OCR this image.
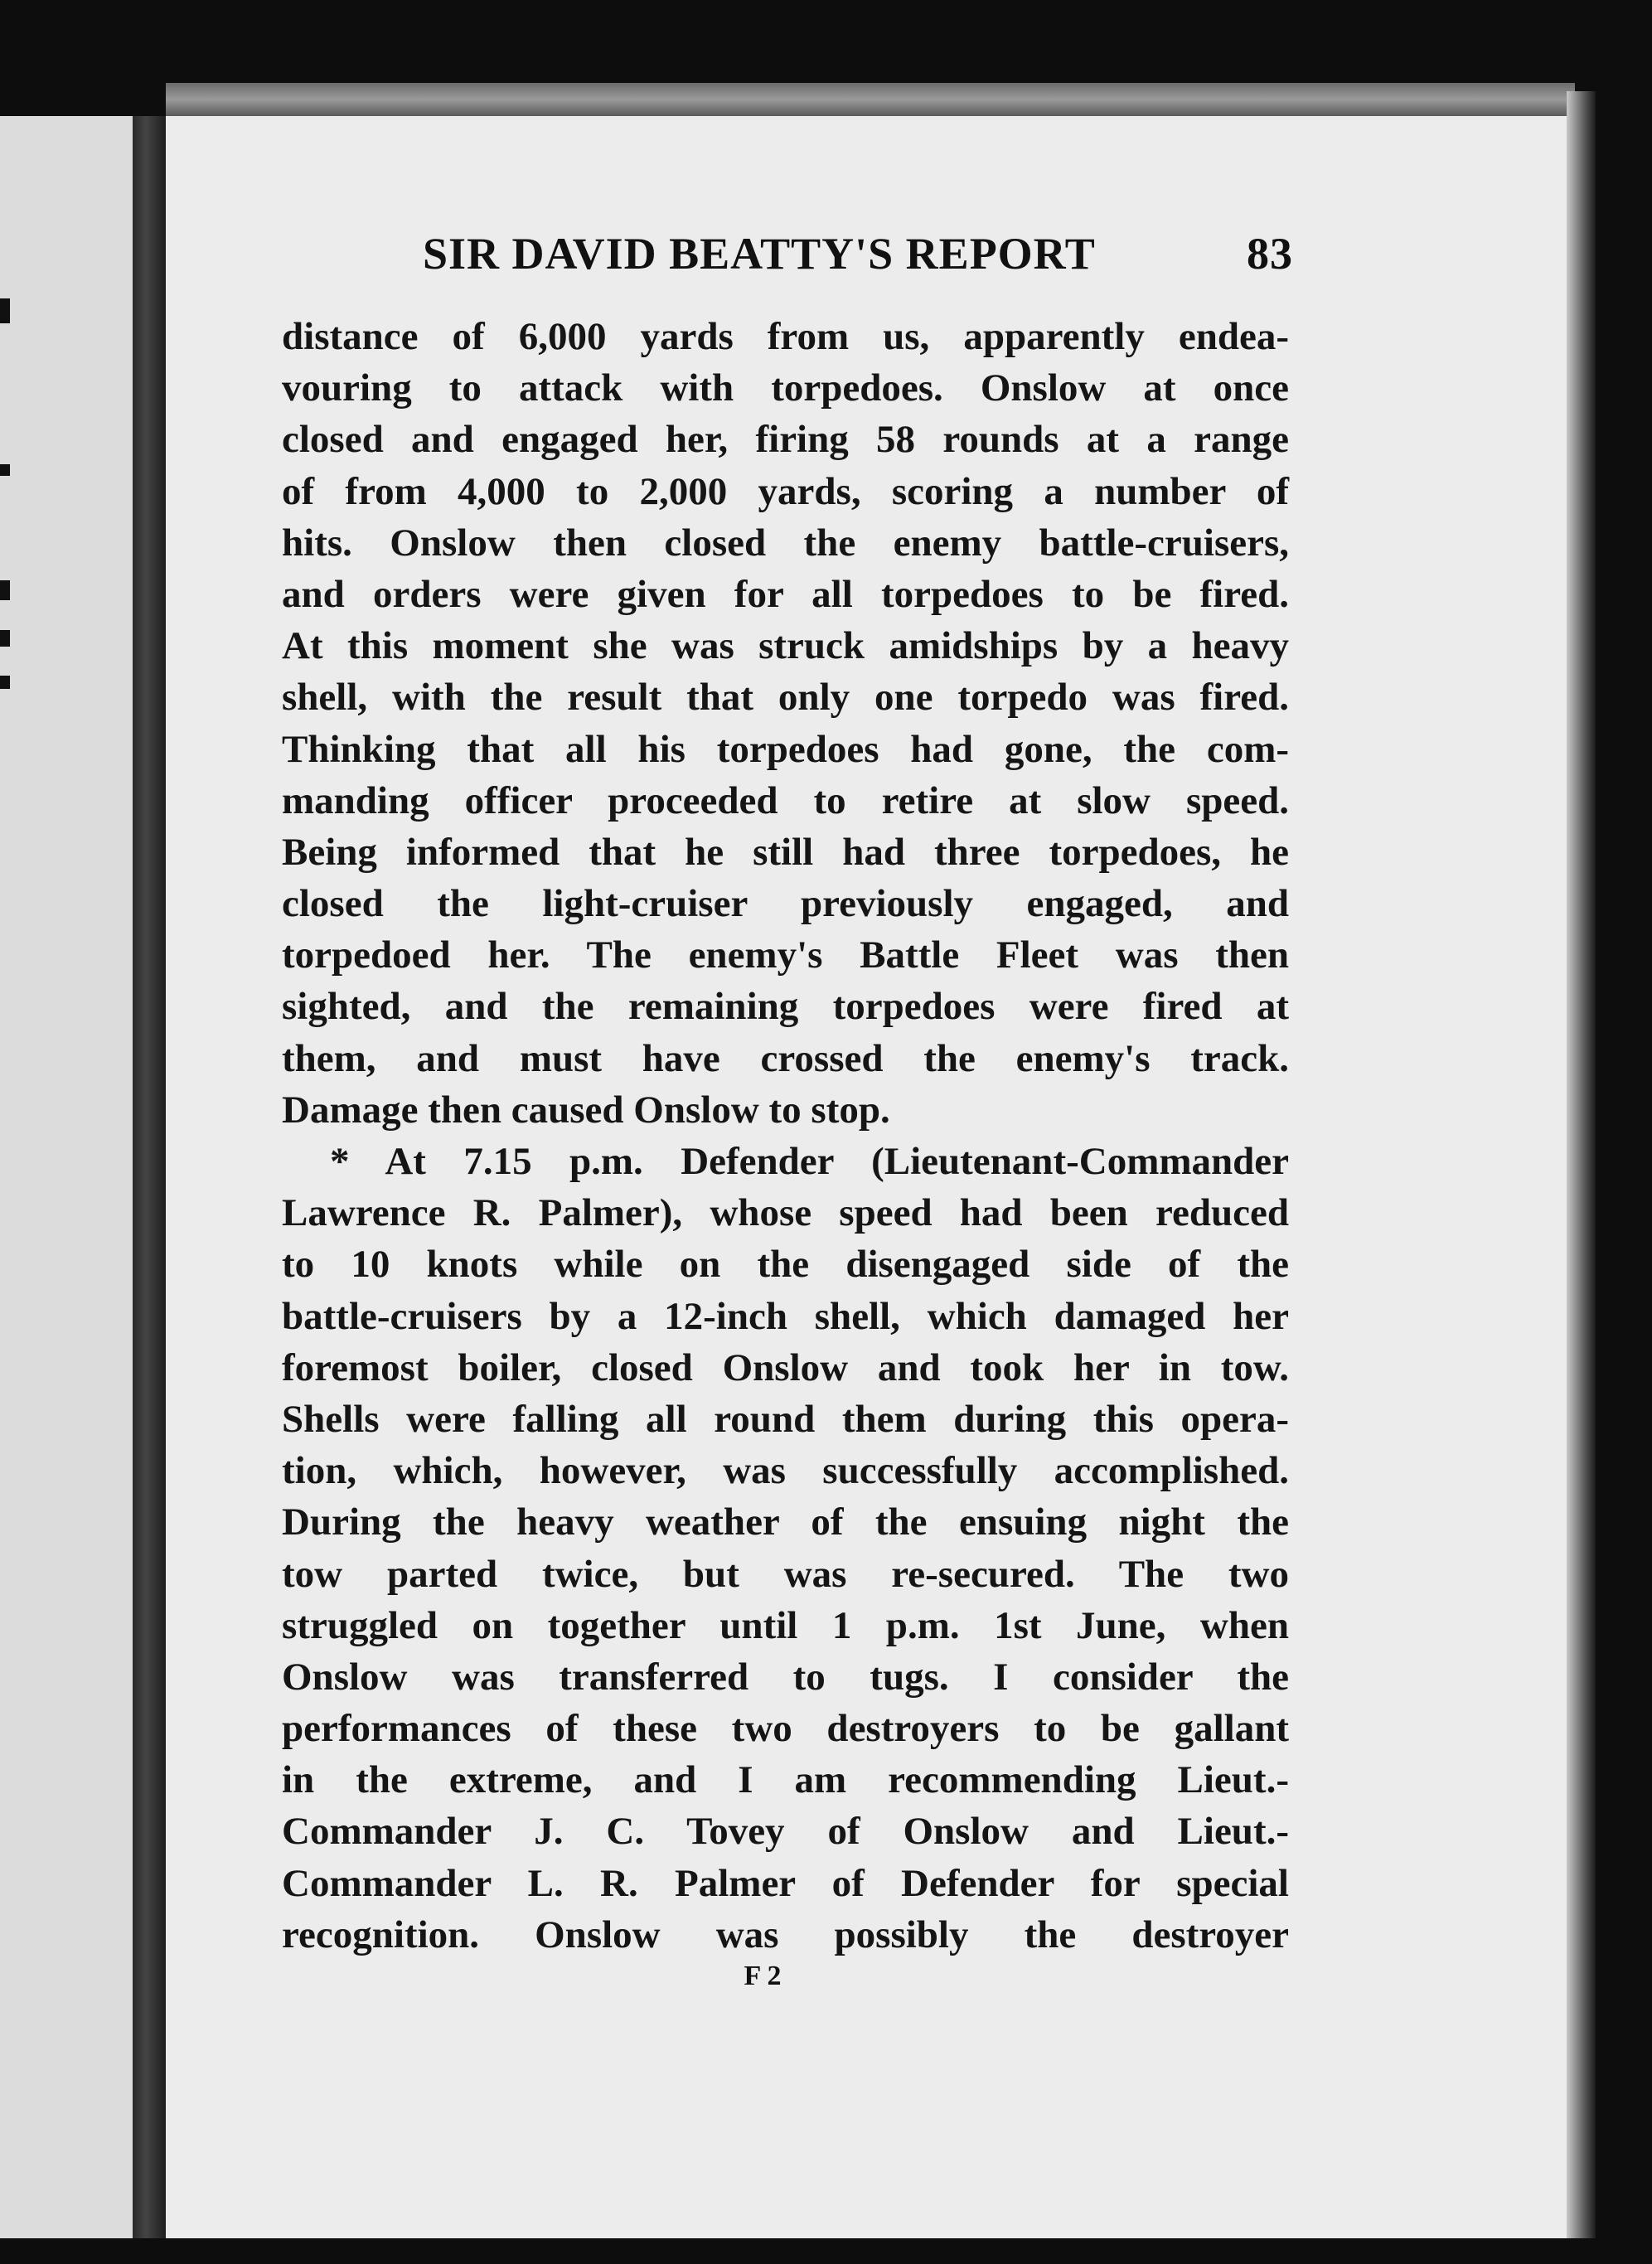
SIR DAVID BEATTY'S REPORT	83
distance of 6,000 yards from us, apparently endea-
vouring to attack with torpedoes. Onslow at once
closed and engaged her, firing 58 rounds at a range
of from 4,000 to 2,000 yards, scoring a number of
hits. Onslow then closed the enemy battle-cruisers,
and orders were given for all torpedoes to be fired.
At this moment she was struck amidships by a heavy
shell, with the result that only one torpedo was fired.
Thinking that all his torpedoes had gone, the com-
manding officer proceeded to retire at slow speed.
Being informed that he still had three torpedoes, he
closed the light-cruiser previously engaged, and
torpedoed her. The enemy's Battle Fleet was then
sighted, and the remaining torpedoes were fired at
them, and must have crossed the enemy's track.
Damage then caused Onslow to stop.
* At 7.15 p.m. Defender (Lieutenant-Commander
Lawrence R. Palmer), whose speed had been reduced
to 10 knots while on the disengaged side of the
battle-cruisers by a 12-inch shell, which damaged her
foremost boiler, closed Onslow and took her in tow.
Shells were falling all round them during this opera-
tion, which, however, was successfully accomplished.
During the heavy weather of the ensuing night the
tow parted twice, but was re-secured. The two
struggled on together until 1 p.m. 1st June, when
Onslow was transferred to tugs. I consider the
performances of these two destroyers to be gallant
in the extreme, and I am recommending Lieut.-
Commander J. C. Tovey of Onslow and Lieut.-
Commander L. R. Palmer of Defender for special
recognition. Onslow was possibly the destroyer
F 2
